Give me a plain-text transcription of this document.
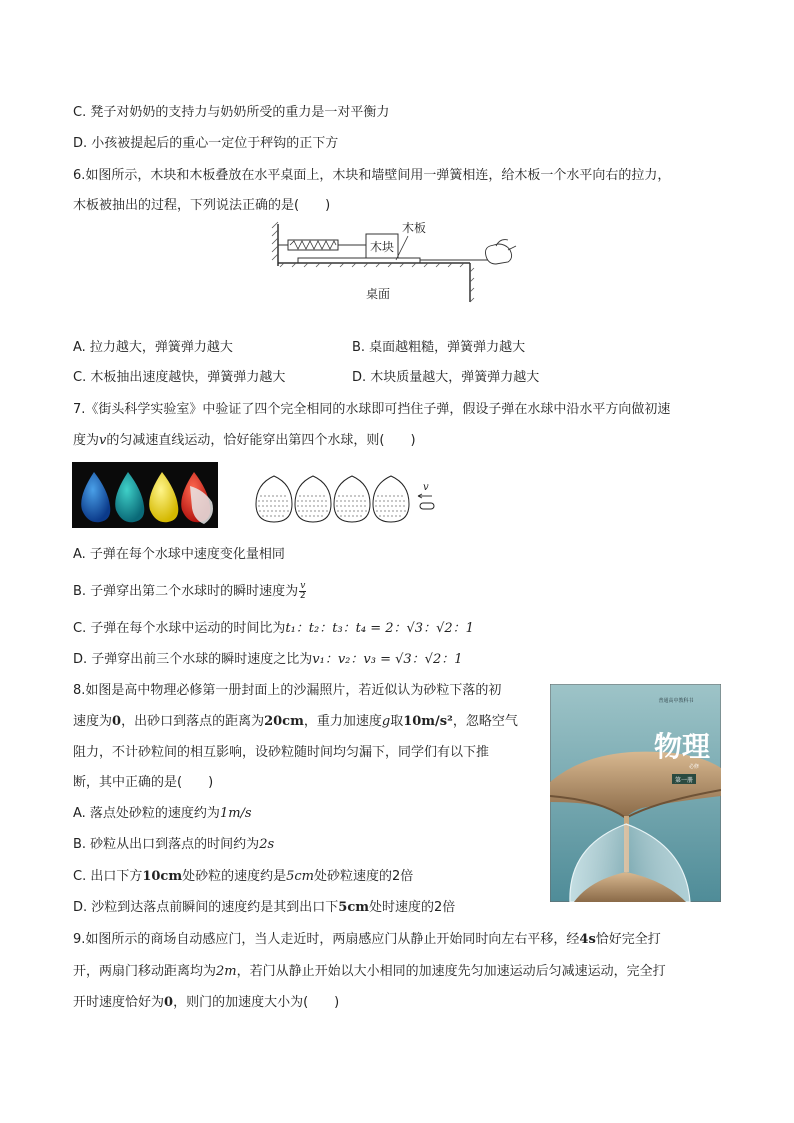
C. 凳子对奶奶的支持力与奶奶所受的重力是一对平衡力
D. 小孩被提起后的重心一定位于秤钩的正下方
6.如图所示，木块和木板叠放在水平桌面上，木块和墙壁间用一弹簧相连，给木板一个水平向右的拉力，
木板被抽出的过程，下列说法正确的是(　　)
木块
木板
桌面
A. 拉力越大，弹簧弹力越大	B. 桌面越粗糙，弹簧弹力越大
C. 木板抽出速度越快，弹簧弹力越大	D. 木块质量越大，弹簧弹力越大
7.《街头科学实验室》中验证了四个完全相同的水球即可挡住子弹，假设子弹在水球中沿水平方向做初速
度为v的匀减速直线运动，恰好能穿出第四个水球，则(　　)
v
A. 子弹在每个水球中速度变化量相同
B. 子弹穿出第二个水球时的瞬时速度为 $\frac{v}{2}$
C. 子弹在每个水球中运动的时间比为t₁：t₂：t₃：t₄ = 2：√3：√2：1
D. 子弹穿出前三个水球的瞬时速度之比为v₁：v₂：v₃ = √3：√2：1
8.如图是高中物理必修第一册封面上的沙漏照片，若近似认为砂粒下落的初
速度为0，出砂口到落点的距离为20cm，重力加速度g取10m/s²，忽略空气
阻力，不计砂粒间的相互影响，设砂粒随时间均匀漏下，同学们有以下推
断，其中正确的是(　　)
A. 落点处砂粒的速度约为1m/s
B. 砂粒从出口到落点的时间约为2s
C. 出口下方10cm处砂粒的速度约是5cm处砂粒速度的2倍
D. 沙粒到达落点前瞬间的速度约是其到出口下5cm处时速度的2倍
物理
必修
第一册
普通高中教科书
9.如图所示的商场自动感应门，当人走近时，两扇感应门从静止开始同时向左右平移，经4s恰好完全打
开，两扇门移动距离均为2m，若门从静止开始以大小相同的加速度先匀加速运动后匀减速运动，完全打
开时速度恰好为0，则门的加速度大小为(　　)
